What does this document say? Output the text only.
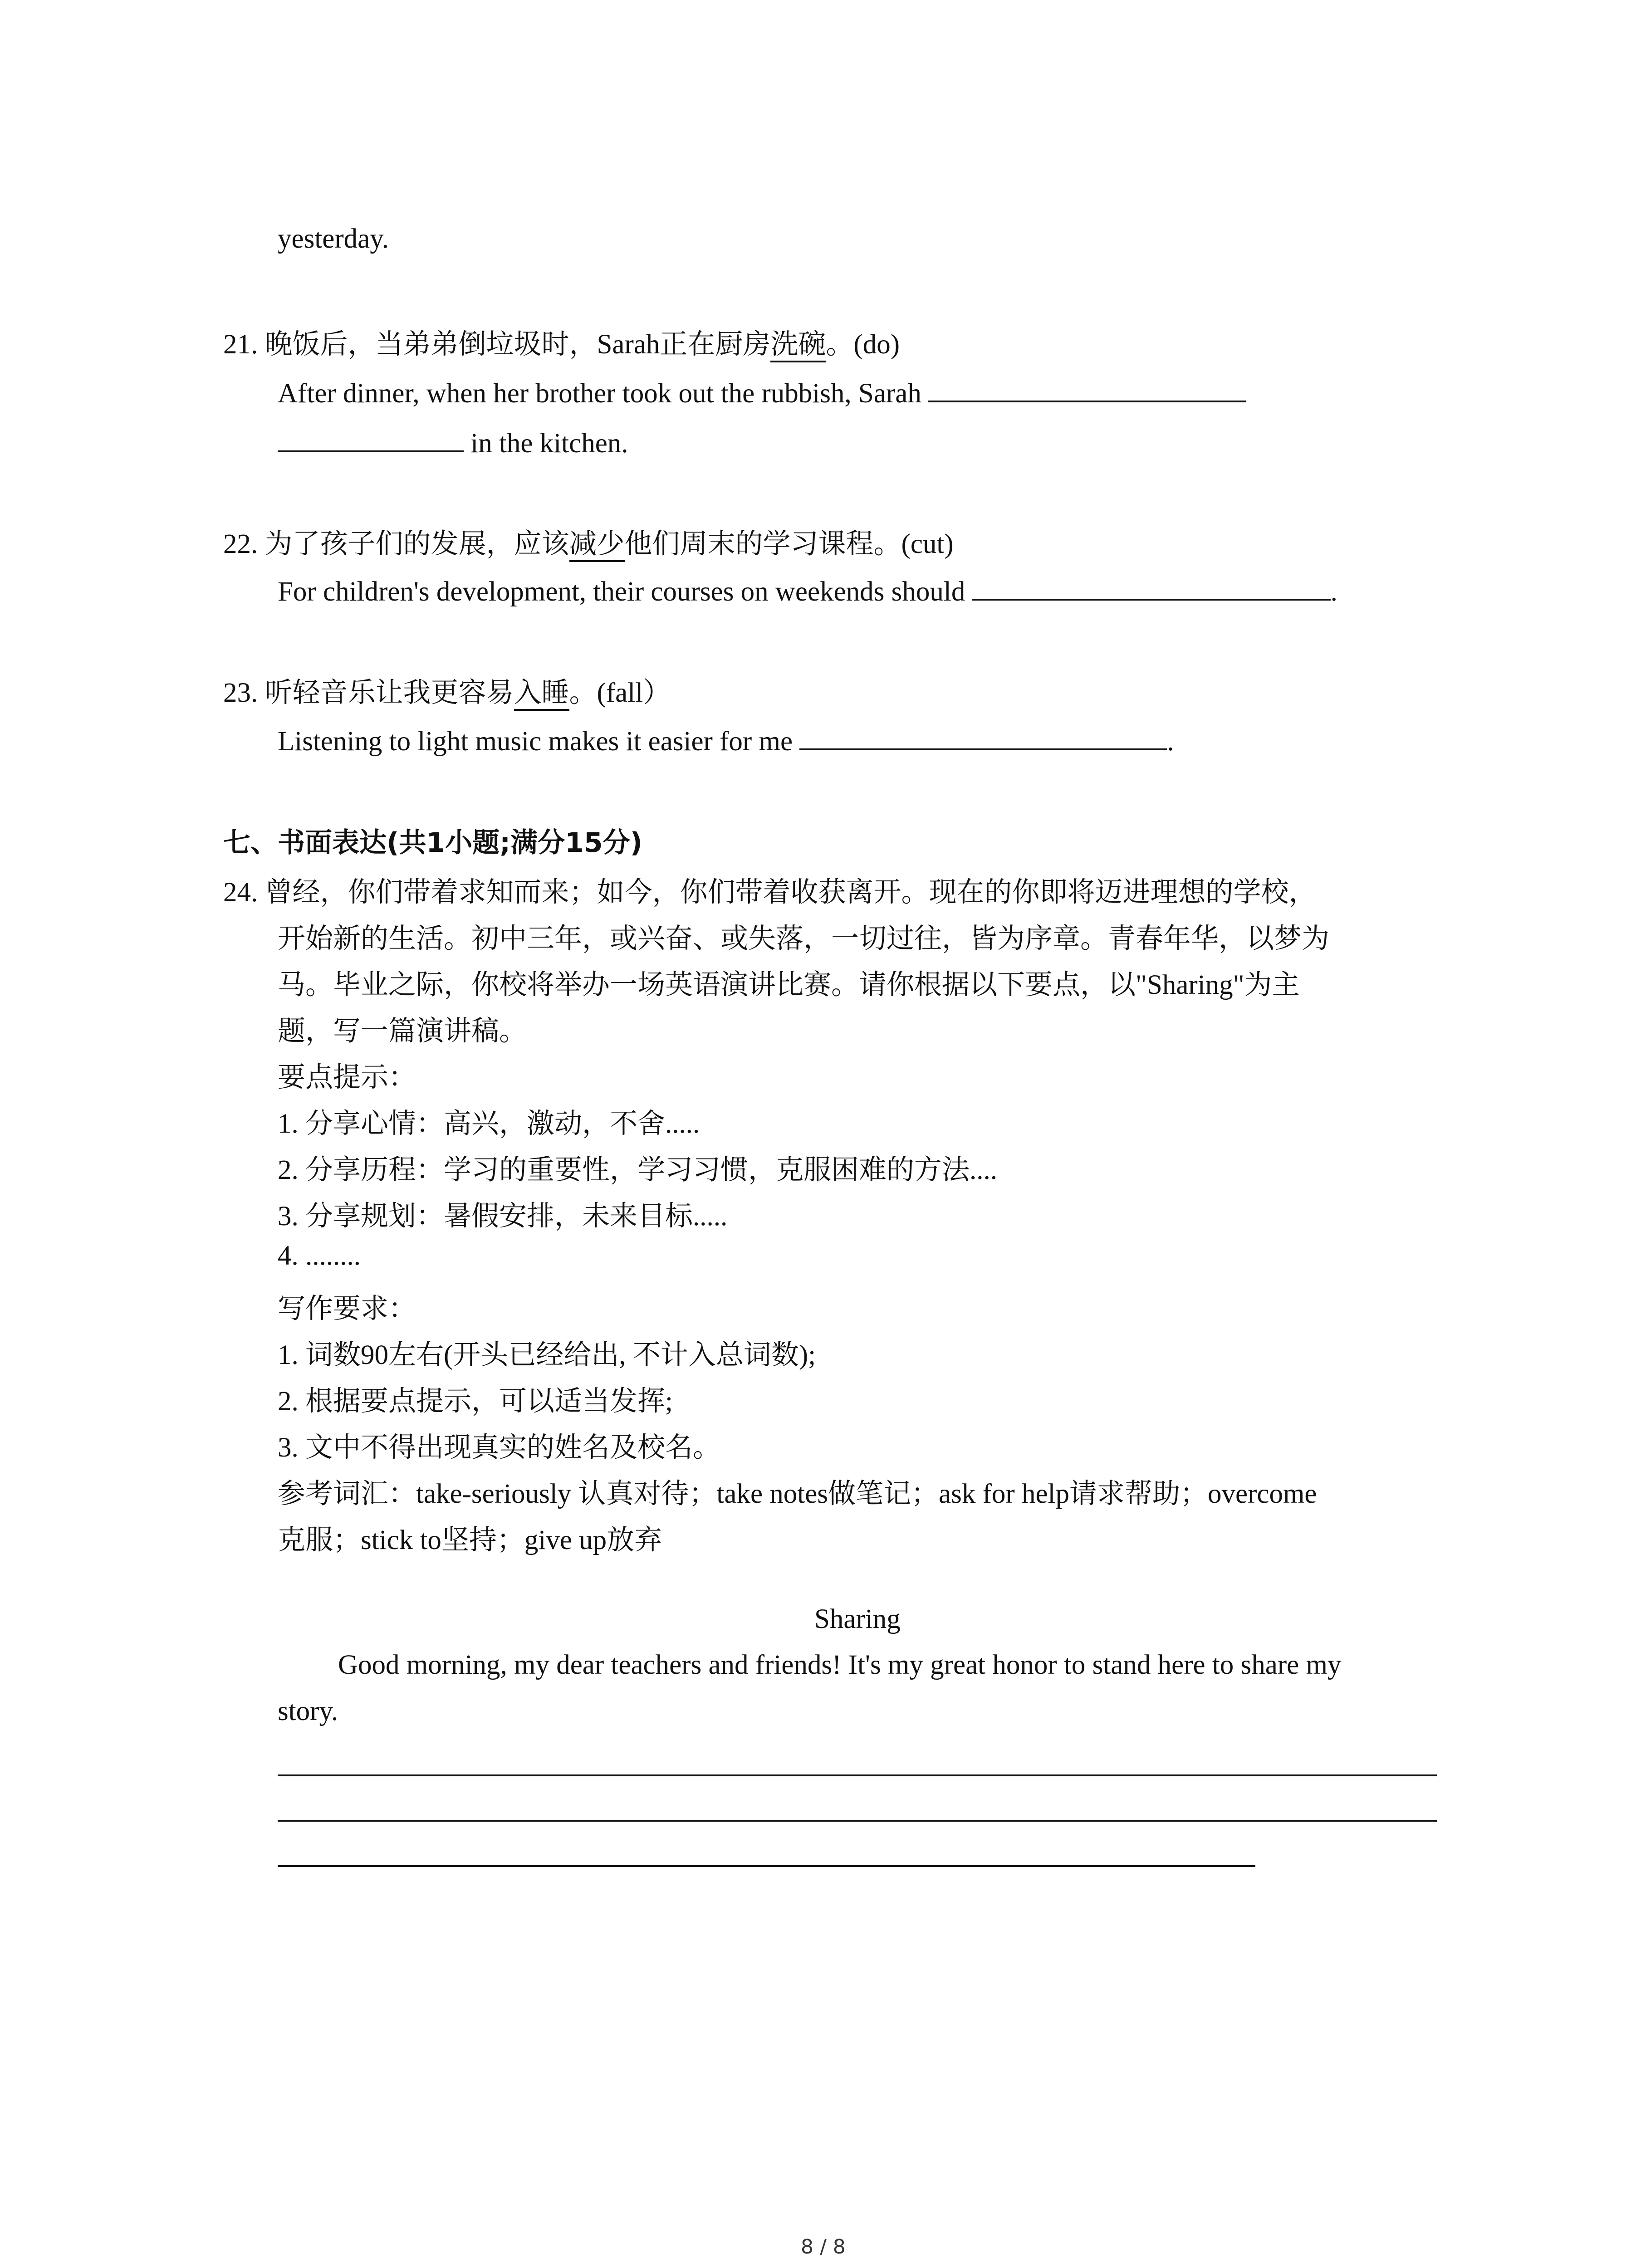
yesterday.
21. 晚饭后，当弟弟倒垃圾时，Sarah正在厨房洗碗。(do)
After dinner, when her brother took out the rubbish, Sarah
in the kitchen.
22. 为了孩子们的发展，应该减少他们周末的学习课程。(cut)
For children's development, their courses on weekends should	.
23. 听轻音乐让我更容易入睡。(fall）
Listening to light music makes it easier for me	.
七、书面表达(共1小题;满分15分)
24. 曾经，你们带着求知而来；如今，你们带着收获离开。现在的你即将迈进理想的学校，
开始新的生活。初中三年，或兴奋、或失落，一切过往，皆为序章。青春年华，以梦为
马。毕业之际，你校将举办一场英语演讲比赛。请你根据以下要点，以"Sharing"为主
题，写一篇演讲稿。
要点提示：
1. 分享心情：高兴，激动，不舍.....
2. 分享历程：学习的重要性，学习习惯，克服困难的方法....
3. 分享规划：暑假安排，未来目标.....
4. ........
写作要求：
1. 词数90左右(开头已经给出, 不计入总词数);
2. 根据要点提示，可以适当发挥;
3. 文中不得出现真实的姓名及校名。
参考词汇：take-seriously 认真对待；take notes做笔记；ask for help请求帮助；overcome
克服；stick to坚持；give up放弃
Sharing
Good morning, my dear teachers and friends! It's my great honor to stand here to share my
story.
8 / 8
